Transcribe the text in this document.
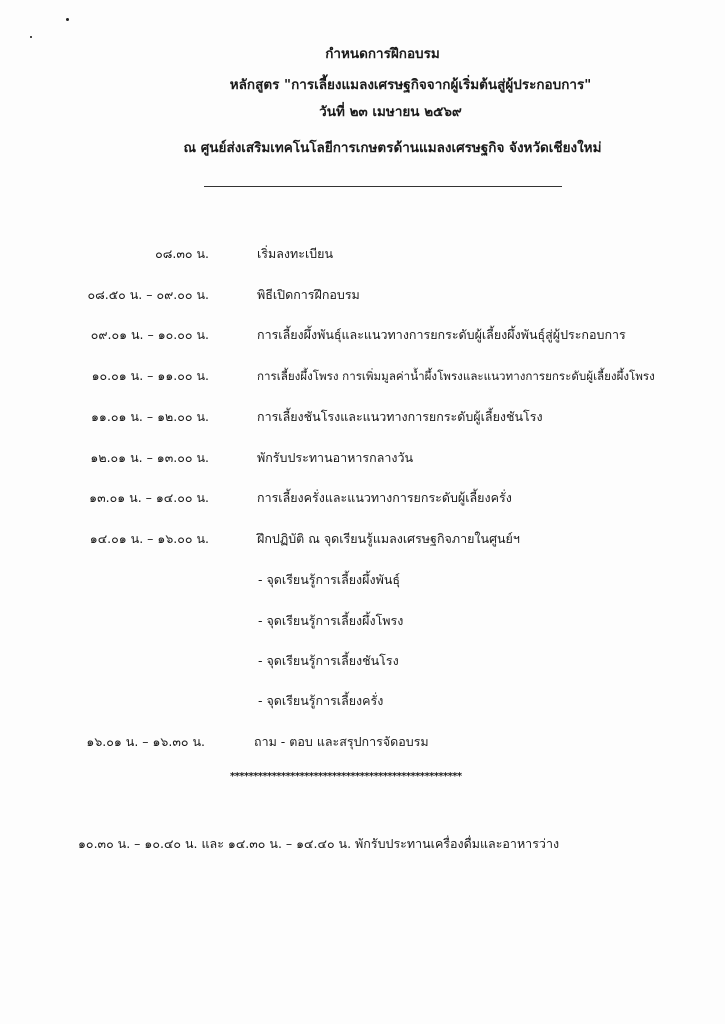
กำหนดการฝึกอบรม
หลักสูตร "การเลี้ยงแมลงเศรษฐกิจจากผู้เริ่มต้นสู่ผู้ประกอบการ"
วันที่ ๒๓ เมษายน ๒๕๖๙
ณ ศูนย์ส่งเสริมเทคโนโลยีการเกษตรด้านแมลงเศรษฐกิจ จังหวัดเชียงใหม่
๐๘.๓๐ น.	เริ่มลงทะเบียน
๐๘.๕๐ น. – ๐๙.๐๐ น.	พิธีเปิดการฝึกอบรม
๐๙.๐๑ น. – ๑๐.๐๐ น.	การเลี้ยงผึ้งพันธุ์และแนวทางการยกระดับผู้เลี้ยงผึ้งพันธุ์สู่ผู้ประกอบการ
๑๐.๐๑ น. – ๑๑.๐๐ น.	การเลี้ยงผึ้งโพรง การเพิ่มมูลค่าน้ำผึ้งโพรงและแนวทางการยกระดับผู้เลี้ยงผึ้งโพรง
๑๑.๐๑ น. – ๑๒.๐๐ น.	การเลี้ยงชันโรงและแนวทางการยกระดับผู้เลี้ยงชันโรง
๑๒.๐๑ น. – ๑๓.๐๐ น.	พักรับประทานอาหารกลางวัน
๑๓.๐๑ น. – ๑๔.๐๐ น.	การเลี้ยงครั่งและแนวทางการยกระดับผู้เลี้ยงครั่ง
๑๔.๐๑ น. – ๑๖.๐๐ น.	ฝึกปฏิบัติ ณ จุดเรียนรู้แมลงเศรษฐกิจภายในศูนย์ฯ
- จุดเรียนรู้การเลี้ยงผึ้งพันธุ์
- จุดเรียนรู้การเลี้ยงผึ้งโพรง
- จุดเรียนรู้การเลี้ยงชันโรง
- จุดเรียนรู้การเลี้ยงครั่ง
๑๖.๐๑ น. – ๑๖.๓๐ น.	ถาม - ตอบ และสรุปการจัดอบรม
**************************************************
๑๐.๓๐ น. – ๑๐.๔๐ น. และ ๑๔.๓๐ น. – ๑๔.๔๐ น. พักรับประทานเครื่องดื่มและอาหารว่าง
